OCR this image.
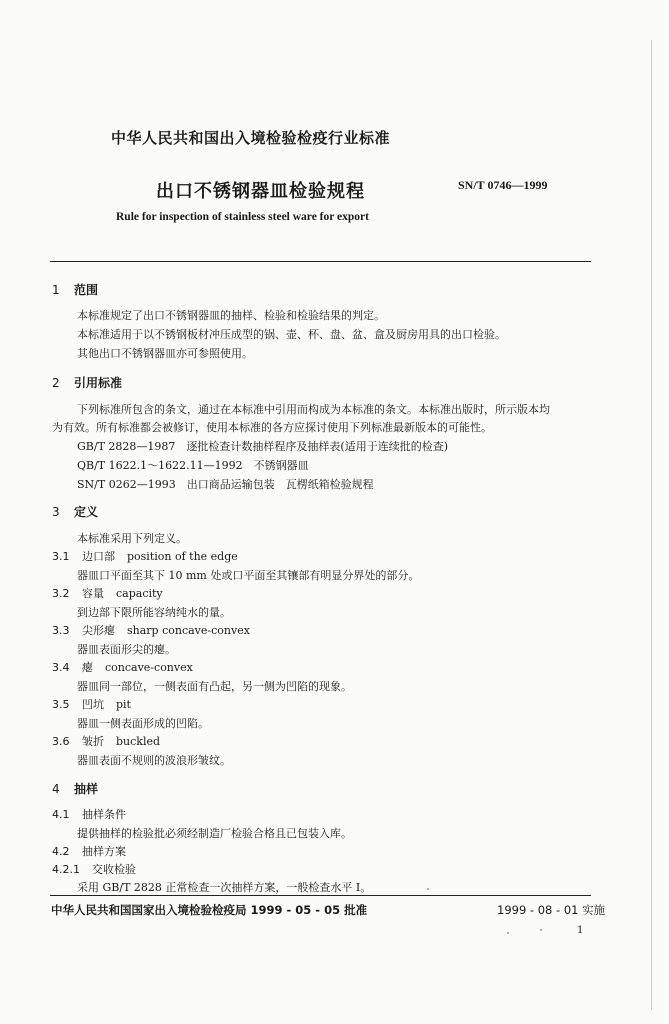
中华人民共和国出入境检验检疫行业标准
出口不锈钢器皿检验规程	SN/T 0746—1999
Rule for inspection of stainless steel ware for export
1 范围
本标准规定了出口不锈钢器皿的抽样、检验和检验结果的判定。
本标准适用于以不锈钢板材冲压成型的锅、壶、杯、盘、盆、盒及厨房用具的出口检验。
其他出口不锈钢器皿亦可参照使用。
2 引用标准
下列标准所包含的条文，通过在本标准中引用而构成为本标准的条文。本标准出版时，所示版本均
为有效。所有标准都会被修订，使用本标准的各方应探讨使用下列标准最新版本的可能性。
GB/T 2828—1987　逐批检查计数抽样程序及抽样表(适用于连续批的检查)
QB/T 1622.1～1622.11—1992　不锈钢器皿
SN/T 0262—1993　出口商品运输包装　瓦楞纸箱检验规程
3 定义
本标准采用下列定义。
3.1 边口部 position of the edge
器皿口平面至其下 10 mm 处或口平面至其镶部有明显分界处的部分。
3.2 容量 capacity
到边部下限所能容纳纯水的量。
3.3 尖形瘪 sharp concave-convex
器皿表面形尖的瘪。
3.4 瘪 concave-convex
器皿同一部位，一侧表面有凸起，另一侧为凹陷的现象。
3.5 凹坑 pit
器皿一侧表面形成的凹陷。
3.6 皱折 buckled
器皿表面不规则的波浪形皱纹。
4 抽样
4.1 抽样条件
提供抽样的检验批必须经制造厂检验合格且已包装入库。
4.2 抽样方案
4.2.1 交收检验
采用 GB/T 2828 正常检查一次抽样方案，一般检查水平 Ⅰ。
中华人民共和国国家出入境检验检疫局 1999 - 05 - 05 批准	1999 - 08 - 01 实施
1
